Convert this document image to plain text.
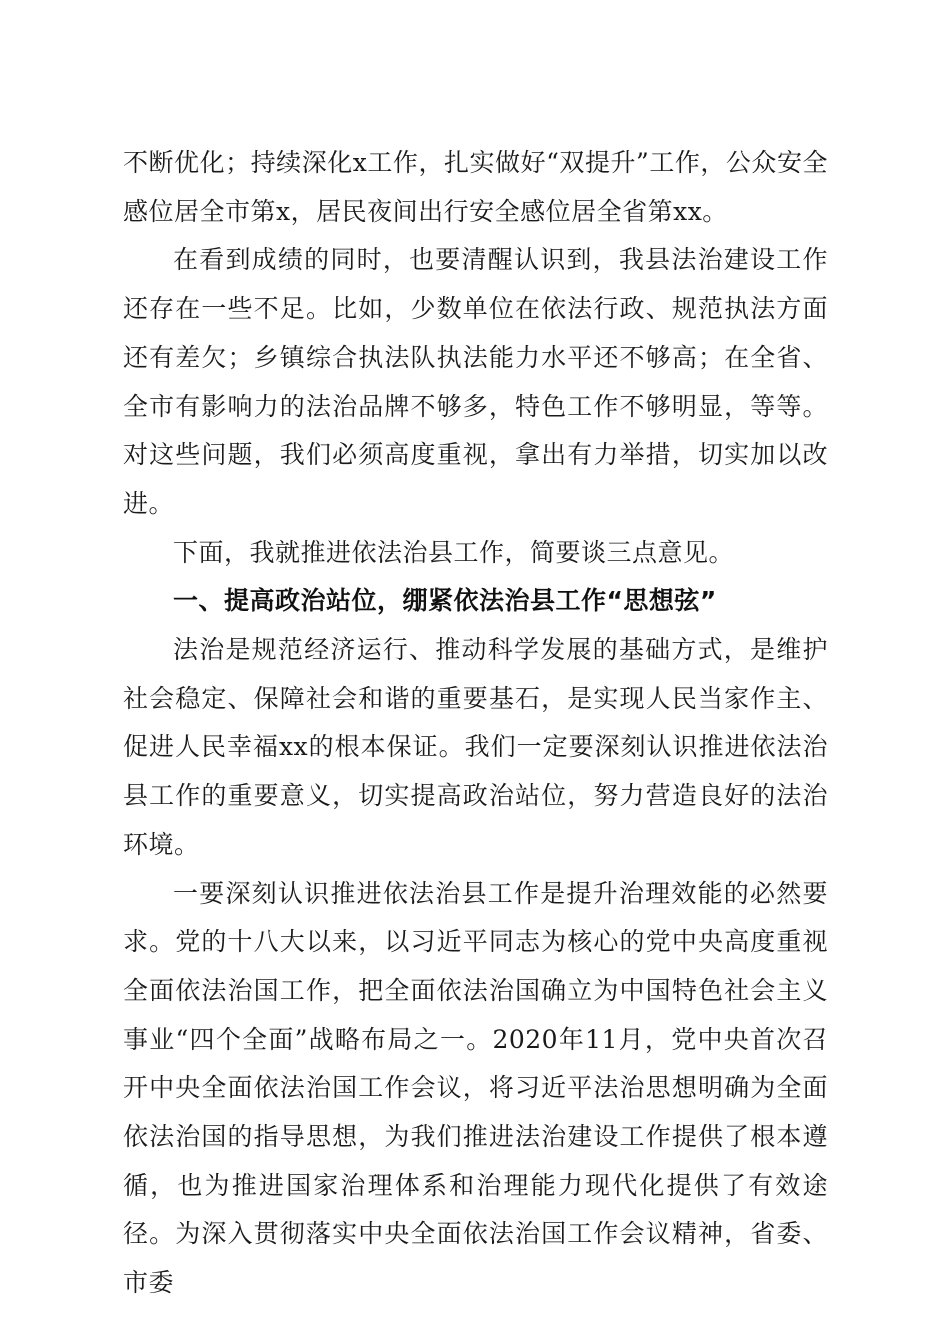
不断优化；持续深化x工作，扎实做好“双提升”工作，公众安全感位居全市第x，居民夜间出行安全感位居全省第xx。

在看到成绩的同时，也要清醒认识到，我县法治建设工作还存在一些不足。比如，少数单位在依法行政、规范执法方面还有差欠；乡镇综合执法队执法能力水平还不够高；在全省、全市有影响力的法治品牌不够多，特色工作不够明显，等等。对这些问题，我们必须高度重视，拿出有力举措，切实加以改进。

下面，我就推进依法治县工作，简要谈三点意见。

一、提高政治站位，绷紧依法治县工作“思想弦”

法治是规范经济运行、推动科学发展的基础方式，是维护社会稳定、保障社会和谐的重要基石，是实现人民当家作主、促进人民幸福xx的根本保证。我们一定要深刻认识推进依法治县工作的重要意义，切实提高政治站位，努力营造良好的法治环境。

一要深刻认识推进依法治县工作是提升治理效能的必然要求。党的十八大以来，以习近平同志为核心的党中央高度重视全面依法治国工作，把全面依法治国确立为中国特色社会主义事业“四个全面”战略布局之一。2020年11月，党中央首次召开中央全面依法治国工作会议，将习近平法治思想明确为全面依法治国的指导思想，为我们推进法治建设工作提供了根本遵循，也为推进国家治理体系和治理能力现代化提供了有效途径。为深入贯彻落实中央全面依法治国工作会议精神，省委、市委
